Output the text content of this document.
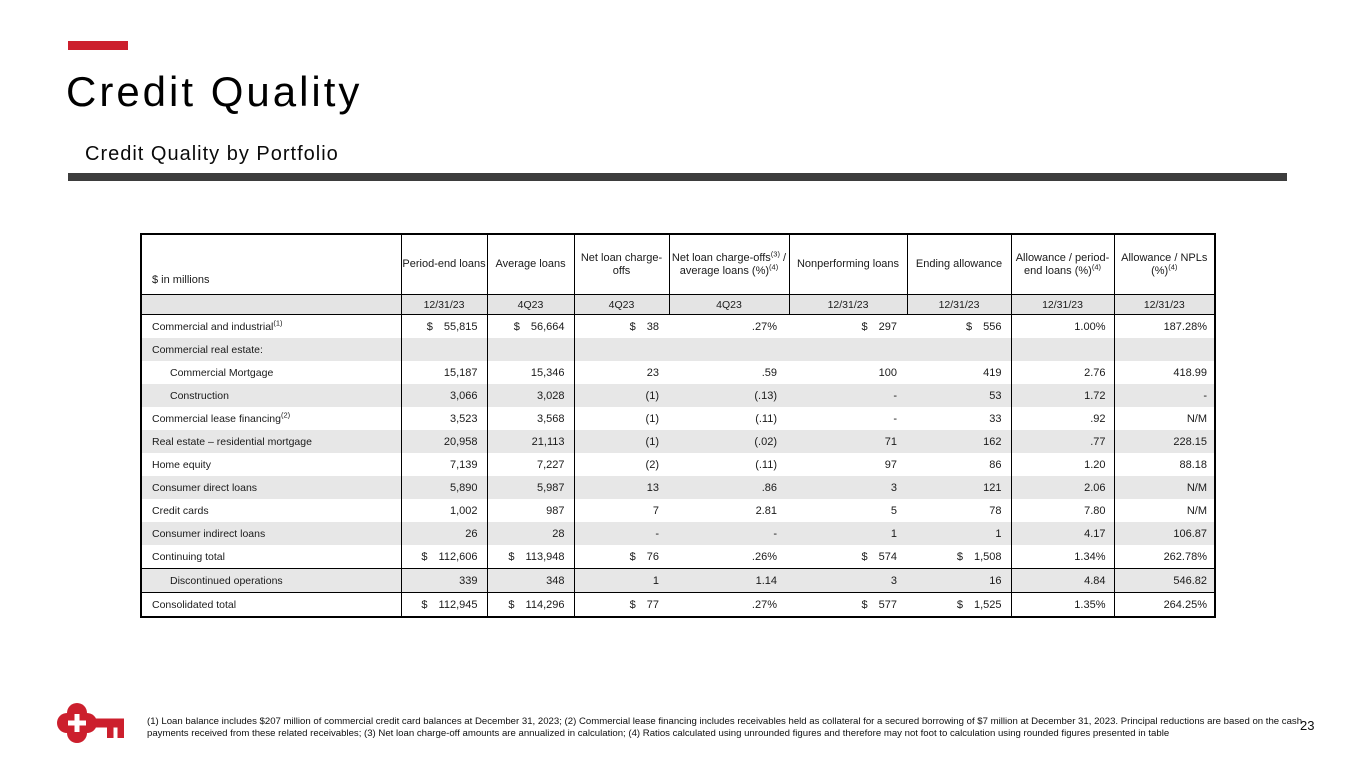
Credit Quality
Credit Quality by Portfolio
$ in millions	Period-end loans	Average loans	Net loan charge-offs	Net loan charge-offs$^{(3)}$ / average loans (%)$^{(4)}$	Nonperforming loans	Ending allowance	Allowance / period-end loans (%)$^{(4)}$	Allowance / NPLs (%)$^{(4)}$
	12/31/23	4Q23	4Q23	4Q23	12/31/23	12/31/23	12/31/23	12/31/23
Commercial and industrial$^{(1)}$	$ 55,815	$ 56,664	$ 38	.27%	$ 297	$ 556	1.00%	187.28%

Commercial real estate:	

Commercial Mortgage	15,187	15,346	23	.59	100	419	2.76	418.99

Construction	3,066	3,028	(1)	(.13)	-	53	1.72	-

Commercial lease financing$^{(2)}$	3,523	3,568	(1)	(.11)	-	33	.92	N/M

Real estate – residential mortgage	20,958	21,113	(1)	(.02)	71	162	.77	228.15

Home equity	7,139	7,227	(2)	(.11)	97	86	1.20	88.18

Consumer direct loans	5,890	5,987	13	.86	3	121	2.06	N/M

Credit cards	1,002	987	7	2.81	5	78	7.80	N/M

Consumer indirect loans	26	28	-	-	1	1	4.17	106.87

Continuing total	$ 112,606	$ 113,948	$ 76	.26%	$ 574	$ 1,508	1.34%	262.78%

Discontinued operations	339	348	1	1.14	3	16	4.84	546.82

Consolidated total	$ 112,945	$ 114,296	$ 77	.27%	$ 577	$ 1,525	1.35%	264.25%
(1) Loan balance includes $207 million of commercial credit card balances at December 31, 2023; (2) Commercial lease financing includes receivables held as collateral for a secured borrowing of $7 million at December 31, 2023. Principal reductions are based on the cash payments received from these related receivables; (3) Net loan charge-off amounts are annualized in calculation; (4) Ratios calculated using unrounded figures and therefore may not foot to calculation using rounded figures presented in table
23
